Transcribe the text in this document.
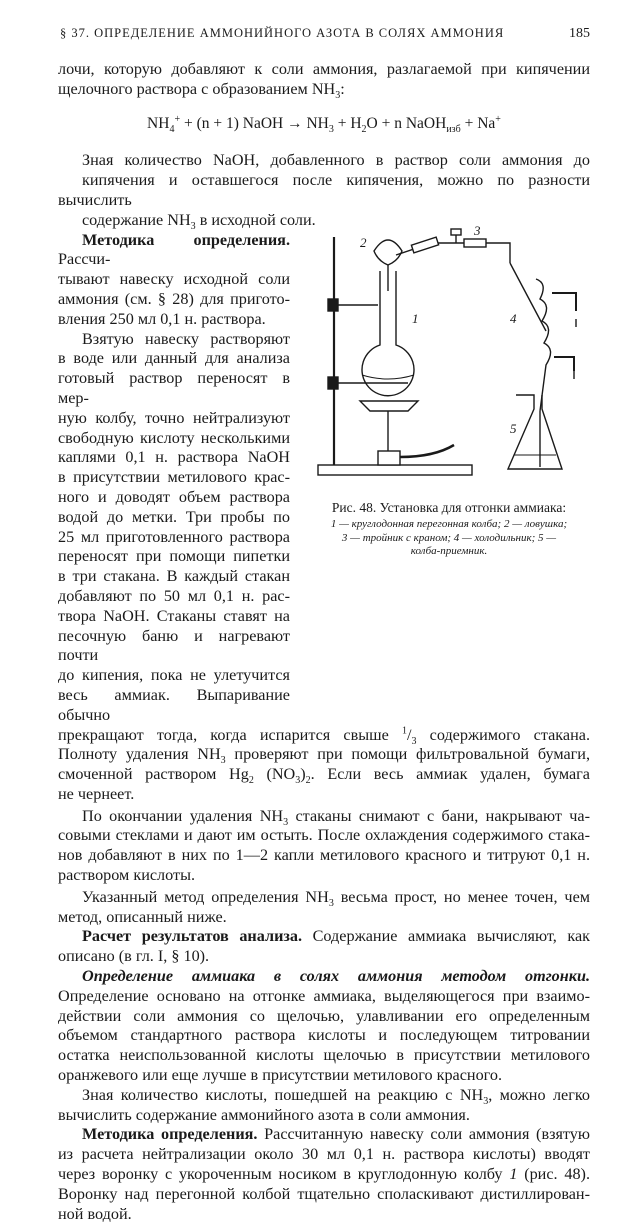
§ 37. ОПРЕДЕЛЕНИЕ АММОНИЙНОГО АЗОТА В СОЛЯХ АММОНИЯ	185

лочи, которую добавляют к соли аммония, разлагаемой при кипячении
щелочного раствора с образованием $NH_3$:

$NH_4^+ + (n + 1)$ NaOH → $NH_3 + H_2O + n$ NaOH$_{изб}$ + Na+

Зная количество NaOH, добавленного в раствор соли аммония до
кипячения и оставшегося после кипячения, можно по разности вычислить
содержание $NH_3$ в исходной соли.

Методика определения. Рассчи-
тывают навеску исходной соли
аммония (см. § 28) для пригото-
вления 250 мл 0,1 н. раствора.
Взятую навеску растворяют
в воде или данный для анализа
готовый раствор переносят в мер-
ную колбу, точно нейтрализуют
свободную кислоту несколькими
каплями 0,1 н. раствора NaOH
в присутствии метилового крас-
ного и доводят объем раствора
водой до метки. Три пробы по
25 мл приготовленного раствора
переносят при помощи пипетки
в три стакана. В каждый стакан
добавляют по 50 мл 0,1 н. рас-
твора NaOH. Стаканы ставят на
песочную баню и нагревают почти
до кипения, пока не улетучится
весь аммиак. Выпаривание обычно
1
2
3
4
5
Рис. 48. Установка для отгонки аммиака:
1 — круглодонная перегонная колба; 2 — ловушка;
3 — тройник с краном; 4 — холодильник; 5 —
колба-приемник.

прекращают тогда, когда испарится свыше $^1/_3$ содержимого стакана.
Полноту удаления $NH_3$ проверяют при помощи фильтровальной бумаги,
смоченной раствором $Hg_2$ $(NO_3)_2$. Если весь аммиак удален, бумага
не чернеет.

По окончании удаления $NH_3$ стаканы снимают с бани, накрывают ча-
совыми стеклами и дают им остыть. После охлаждения содержимого стака-
нов добавляют в них по 1—2 капли метилового красного и титруют 0,1 н.
раствором кислоты.

Указанный метод определения $NH_3$ весьма прост, но менее точен, чем
метод, описанный ниже.

Расчет результатов анализа. Содержание аммиака вычисляют, как
описано (в гл. I, § 10).

Определение аммиака в солях аммония методом отгонки.
Определение основано на отгонке аммиака, выделяющегося при взаимо-
действии соли аммония со щелочью, улавливании его определенным
объемом стандартного раствора кислоты и последующем титровании
остатка неиспользованной кислоты щелочью в присутствии метилового
оранжевого или еще лучше в присутствии метилового красного.

Зная количество кислоты, пошедшей на реакцию с $NH_3$, можно легко
вычислить содержание аммонийного азота в соли аммония.

Методика определения. Рассчитанную навеску соли аммония (взятую
из расчета нейтрализации около 30 мл 0,1 н. раствора кислоты) вводят
через воронку с укороченным носиком в круглодонную колбу 1 (рис. 48).
Воронку над перегонной колбой тщательно споласкивают дистиллирован-
ной водой.
